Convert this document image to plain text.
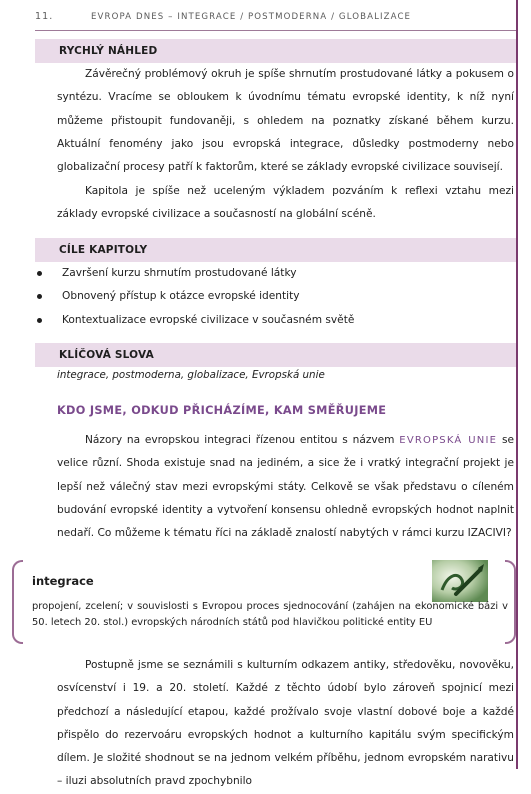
11.	EVROPA DNES – INTEGRACE / POSTMODERNA / GLOBALIZACE
RYCHLÝ NÁHLED
Závěrečný problémový okruh je spíše shrnutím prostudované látky a pokusem o syntézu. Vracíme se obloukem k úvodnímu tématu evropské identity, k níž nyní můžeme přistoupit fundovaněji, s ohledem na poznatky získané během kurzu. Aktuální fenomény jako jsou evropská integrace, důsledky postmoderny nebo globalizační procesy patří k faktorům, které se základy evropské civilizace souvisejí.
Kapitola je spíše než uceleným výkladem pozváním k reflexi vztahu mezi základy evropské civilizace a současností na globální scéně.
CÍLE KAPITOLY
Završení kurzu shrnutím prostudované látky
Obnovený přístup k otázce evropské identity
Kontextualizace evropské civilizace v současném světě
KLÍČOVÁ SLOVA
integrace, postmoderna, globalizace, Evropská unie
KDO JSME, ODKUD PŘICHÁZÍME, KAM SMĚŘUJEME
Názory na evropskou integraci řízenou entitou s názvem EVROPSKÁ UNIE se velice různí. Shoda existuje snad na jediném, a sice že i vratký integrační projekt je lepší než válečný stav mezi evropskými státy. Celkově se však představu o cíleném budování evropské identity a vytvoření konsensu ohledně evropských hodnot naplnit nedaří. Co můžeme k tématu říci na základě znalostí nabytých v rámci kurzu IZACIVI?
integrace
propojení, zcelení; v souvislosti s Evropou proces sjednocování (zahájen na ekonomické bázi v 50. letech 20. stol.) evropských národních států pod hlavičkou politické entity EU
Postupně jsme se seznámili s kulturním odkazem antiky, středověku, novověku, osvícenství i 19. a 20. století. Každé z těchto údobí bylo zároveň spojnicí mezi předchozí a následující etapou, každé prožívalo svoje vlastní dobové boje a každé přispělo do rezervoáru evropských hodnot a kulturního kapitálu svým specifickým dílem. Je složité shodnout se na jednom velkém příběhu, jednom evropském narativu – iluzi absolutních pravd zpochybnilo
